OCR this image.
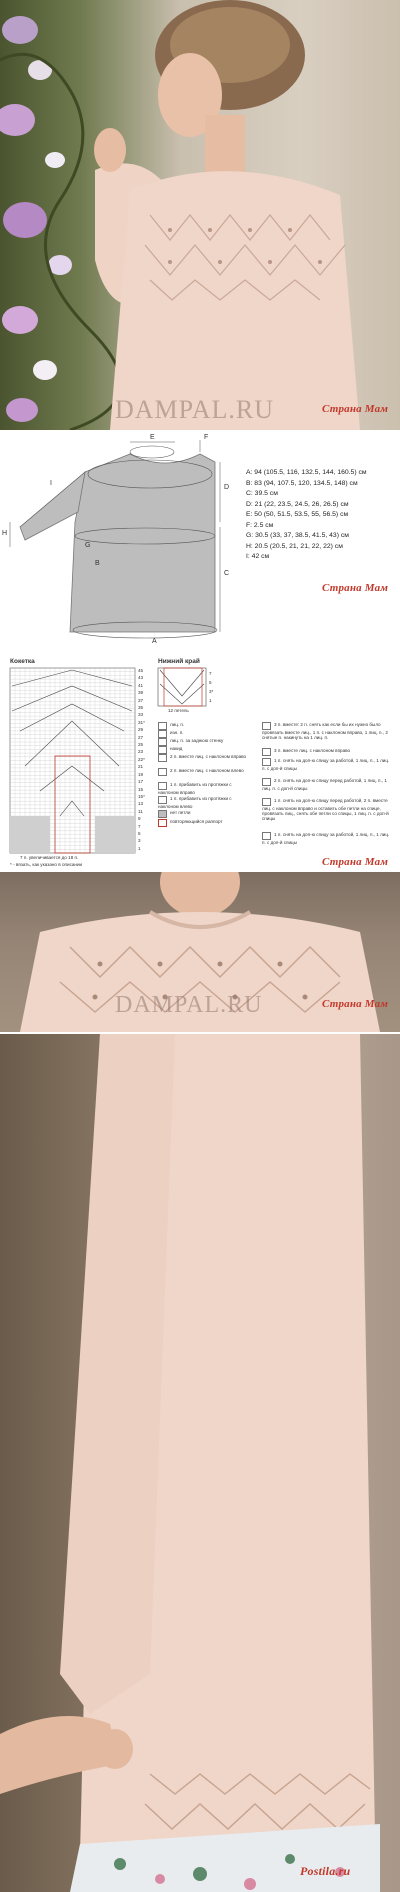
DAMPAL.RU	Страна Мам
E	F
D
C
I
G
H
B
A
A: 94 (105.5, 116, 132.5, 144, 160.5) см
B: 83 (94, 107.5, 120, 134.5, 148) см
C: 39.5 см
D: 21 (22, 23.5, 24.5, 26, 26.5) см
E: 50 (50, 51.5, 53.5, 55, 56.5) см
F: 2.5 см
G: 30.5 (33, 37, 38.5, 41.5, 43) см
H: 20.5 (20.5, 21, 21, 22, 22) см
I: 42 см
Страна Мам
Кокетка	Нижний край
45
43
41
39
37
35
33
31*
29
27
25
23
22*
21
19
17
15
15*
13
11
9
7
5
3
1
7
5
3*
1
12 петель
лиц. п.
изн. п.
лиц. п. за заднюю стенку
накид
2 п. вместе лиц. с наклоном вправо
2 п. вместе лиц. с наклоном влево
1 п. прибавить из протяжки с наклоном вправо
1 п. прибавить из протяжки с наклоном влево
нет петли
повторяющийся раппорт
3 п. вместе: 2 п. снять как если бы их нужно было провязать вместе лиц., 1 п. с наклоном вправо, 1 лиц. п., 2 снятые п. накинуть на 1 лиц. п.
3 п. вместе лиц. с наклоном вправо
1 п. снять на доп-ю спицу за работой, 1 лиц. п., 1 лиц. п. с доп-й спицы
2 п. снять на доп-ю спицу перед работой, 1 лиц. п., 1 лиц. п. с доп-й спицы
1 п. снять на доп-ю спицу перед работой, 2 п. вместе лиц. с наклоном вправо и оставить обе петли на спице, провязать лиц., снять обе петли со спицы, 1 лиц. п. с доп-й спицы
1 п. снять на доп-ю спицу за работой, 1 лиц. п., 1 лиц. п. с доп-й спицы
7 п. увеличивается до 18 п.
* - вязать, как указано в описании	Страна Мам
DAMPAL.RU	Страна Мам
Postila.ru
